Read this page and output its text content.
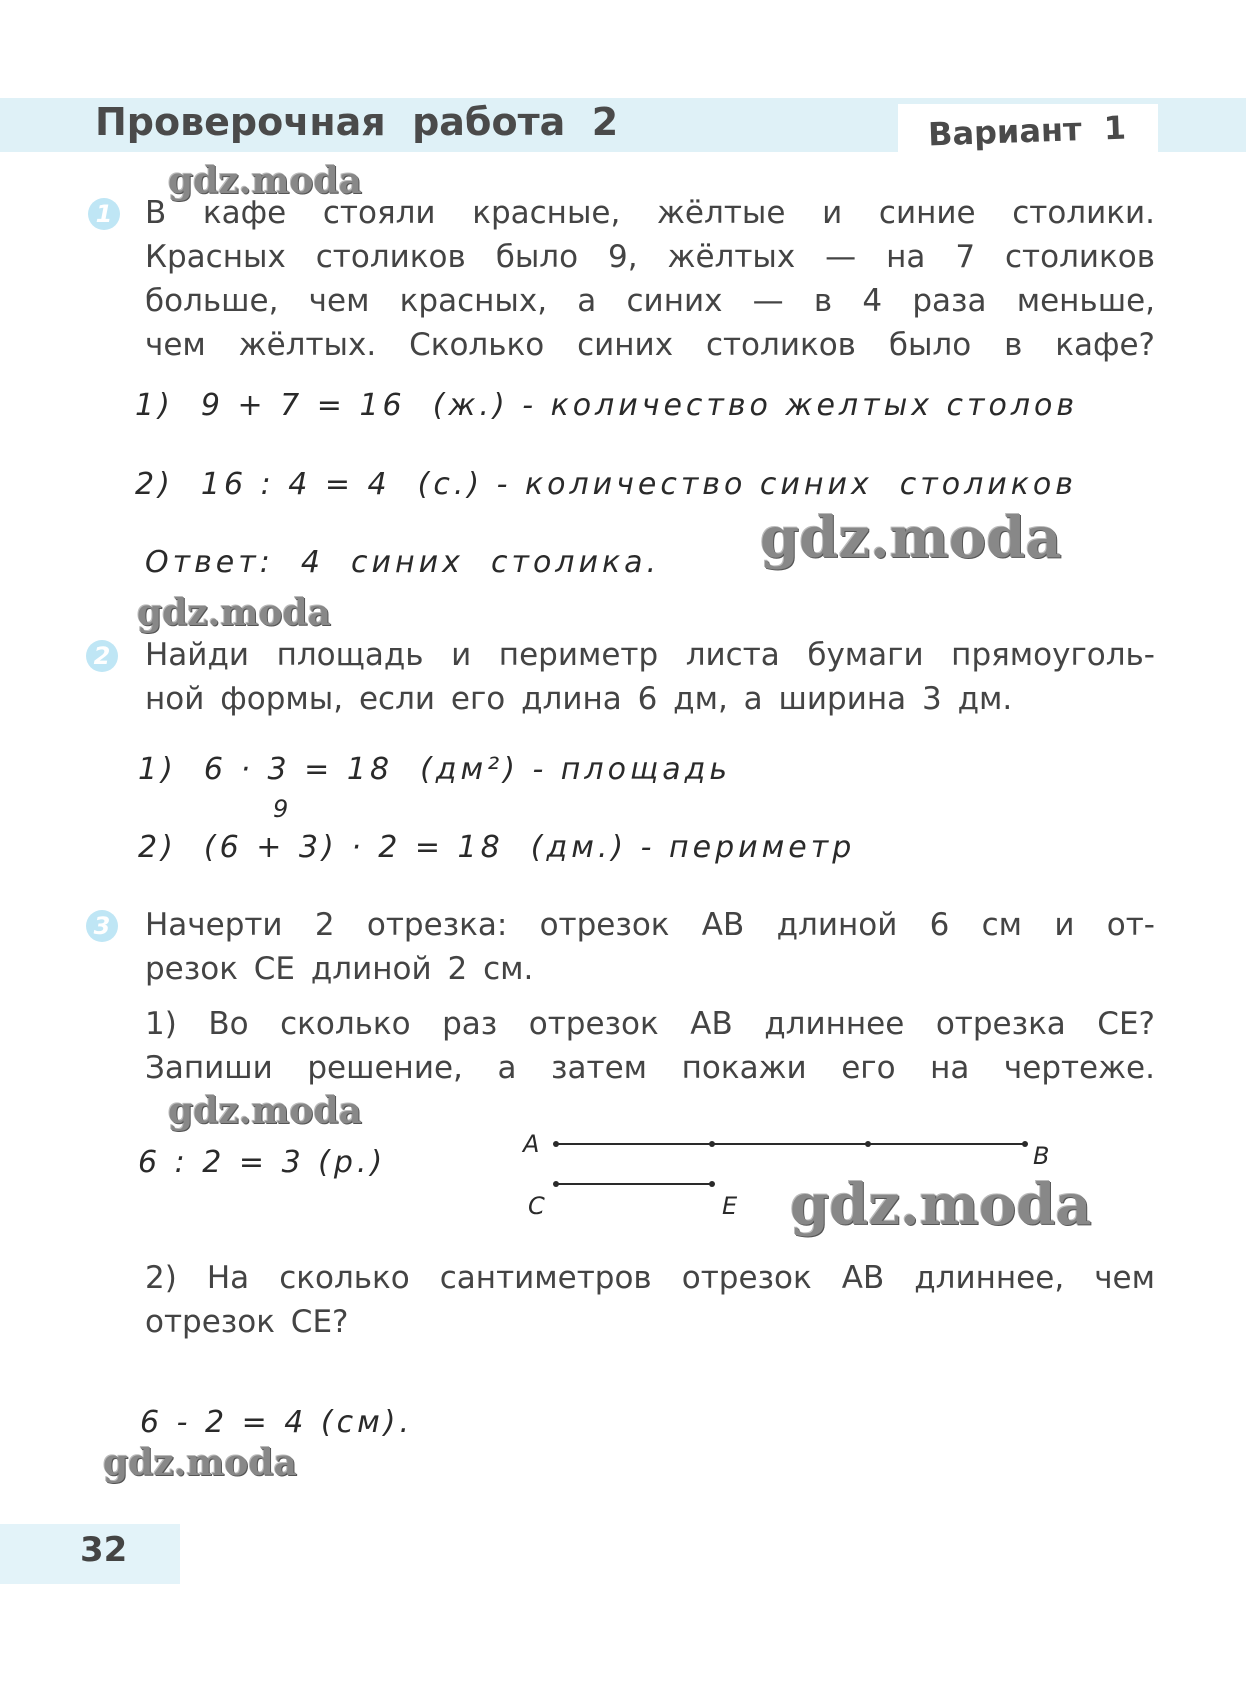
Проверочная  работа  2	Вариант  1
gdz.moda
1 В кафе стояли красные, жёлтые и синие столики.
Красных столиков было 9, жёлтых — на 7 столиков
больше, чем красных, а синих — в 4 раза меньше,
чем жёлтых. Сколько синих столиков было в кафе?
1)  9 + 7 = 16  (ж.) - количество желтых столов
2)  16 : 4 = 4  (с.) - количество синих  столиков
Ответ:  4  синих  столика. gdz.moda
gdz.moda
2 Найди площадь и периметр листа бумаги прямоуголь-
ной формы, если его длина 6 дм, а ширина 3 дм.
1)  6 · 3 = 18  (дм²) - площадь
9
2)  (6 + 3) · 2 = 18  (дм.) - периметр
3 Начерти 2 отрезка: отрезок AB длиной 6 см и от-
резок CE длиной 2 см.
1) Во сколько раз отрезок AB длиннее отрезка CE?
Запиши решение, а затем покажи его на чертеже.
gdz.moda
6 : 2 = 3 (р.)
A	B
C	E gdz.moda
2) На сколько сантиметров отрезок AB длиннее, чем
отрезок CE?
6 - 2 = 4 (см).
gdz.moda
32
